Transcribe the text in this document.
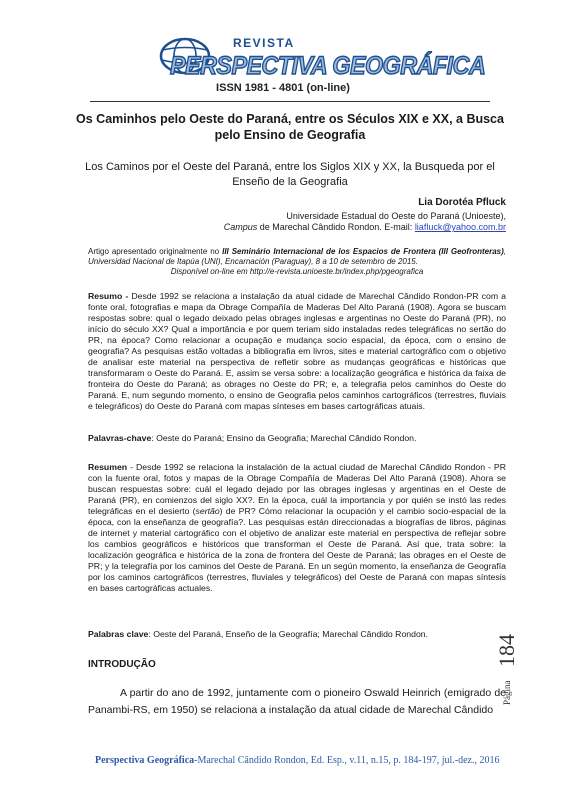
REVISTA
PERSPECTIVA GEOGRÁFICA
ISSN 1981 - 4801 (on-line)
Os Caminhos pelo Oeste do Paraná, entre os Séculos XIX e XX, a Busca pelo Ensino de Geografia
Los Caminos por el Oeste del Paraná, entre los Siglos XIX y XX, la Busqueda por el Enseño de la Geografia
Lia Dorotéa Pfluck
Universidade Estadual do Oeste do Paraná (Unioeste),
Campus de Marechal Cândido Rondon. E-mail: liafluck@yahoo.com.br
Artigo apresentado originalmente no III Seminário Internacional de los Espacios de Frontera (III Geofronteras), Universidad Nacional de Itapúa (UNI), Encarnación (Paraguay), 8 a 10 de setembro de 2015.
Disponível on-line em http://e-revista.unioeste.br/index.php/pgeografica
Resumo - Desde 1992 se relaciona a instalação da atual cidade de Marechal Cândido Rondon-PR com a fonte oral, fotografias e mapa da Obrage Compañía de Maderas Del Alto Paraná (1908). Agora se buscam respostas sobre: qual o legado deixado pelas obrages inglesas e argentinas no Oeste do Paraná (PR), no início do século XX? Qual a importância e por quem teriam sido instaladas redes telegráficas no sertão do PR, na época? Como relacionar a ocupação e mudança socio espacial, da época, com o ensino de geografia? As pesquisas estão voltadas a bibliografia em livros, sites e material cartográfico com o objetivo de analisar este material na perspectiva de refletir sobre as mudanças geográficas e históricas que transformaram o Oeste do Paraná. E, assim se versa sobre: a localização geográfica e histórica da faixa de fronteira do Oeste do Paraná; as obrages no Oeste do PR; e, a telegrafia pelos caminhos do Oeste do Paraná. E, num segundo momento, o ensino de Geografia pelos caminhos cartográficos (terrestres, fluviais e telegráficos) do Oeste do Paraná com mapas sínteses em bases cartográficas atuais.
Palavras-chave: Oeste do Paraná; Ensino da Geografia; Marechal Cândido Rondon.
Resumen - Desde 1992 se relaciona la instalación de la actual ciudad de Marechal Cândido Rondon - PR con la fuente oral, fotos y mapas de la Obrage Compañía de Maderas Del Alto Paraná (1908). Ahora se buscan respuestas sobre: cuál el legado dejado por las obrages inglesas y argentinas en el Oeste de Paraná (PR), en comienzos del siglo XX?. En la época, cuál la importancia y por quién se instó las redes telegráficas en el desierto (sertão) de PR? Cómo relacionar la ocupación y el cambio socio-espacial de la época, con la enseñanza de geografía?. Las pesquisas están direccionadas a biografías de libros, páginas de internet y material cartográfico con el objetivo de analizar este material en perspectiva de reflejar sobre los cambios geográficos e históricos que transforman el Oeste de Paraná. Así que, trata sobre: la localización geográfica e histórica de la zona de frontera del Oeste de Paraná; las obrages en el Oeste de PR; y la telegrafía por los caminos del Oeste de Paraná. En un según momento, la enseñanza de Geografía por los caminos cartográficos (terrestres, fluviales y telegráficos) del Oeste de Paraná con mapas síntesis en bases cartográficas actuales.
Palabras clave: Oeste del Paraná, Enseño de la Geografía; Marechal Cândido Rondon.
INTRODUÇÃO
A partir do ano de 1992, juntamente com o pioneiro Oswald Heinrich (emigrado de Panambi-RS, em 1950) se relaciona a instalação da atual cidade de Marechal Cândido
Página
184
Perspectiva Geográfica-Marechal Cândido Rondon, Ed. Esp., v.11, n.15, p. 184-197, jul.-dez., 2016
